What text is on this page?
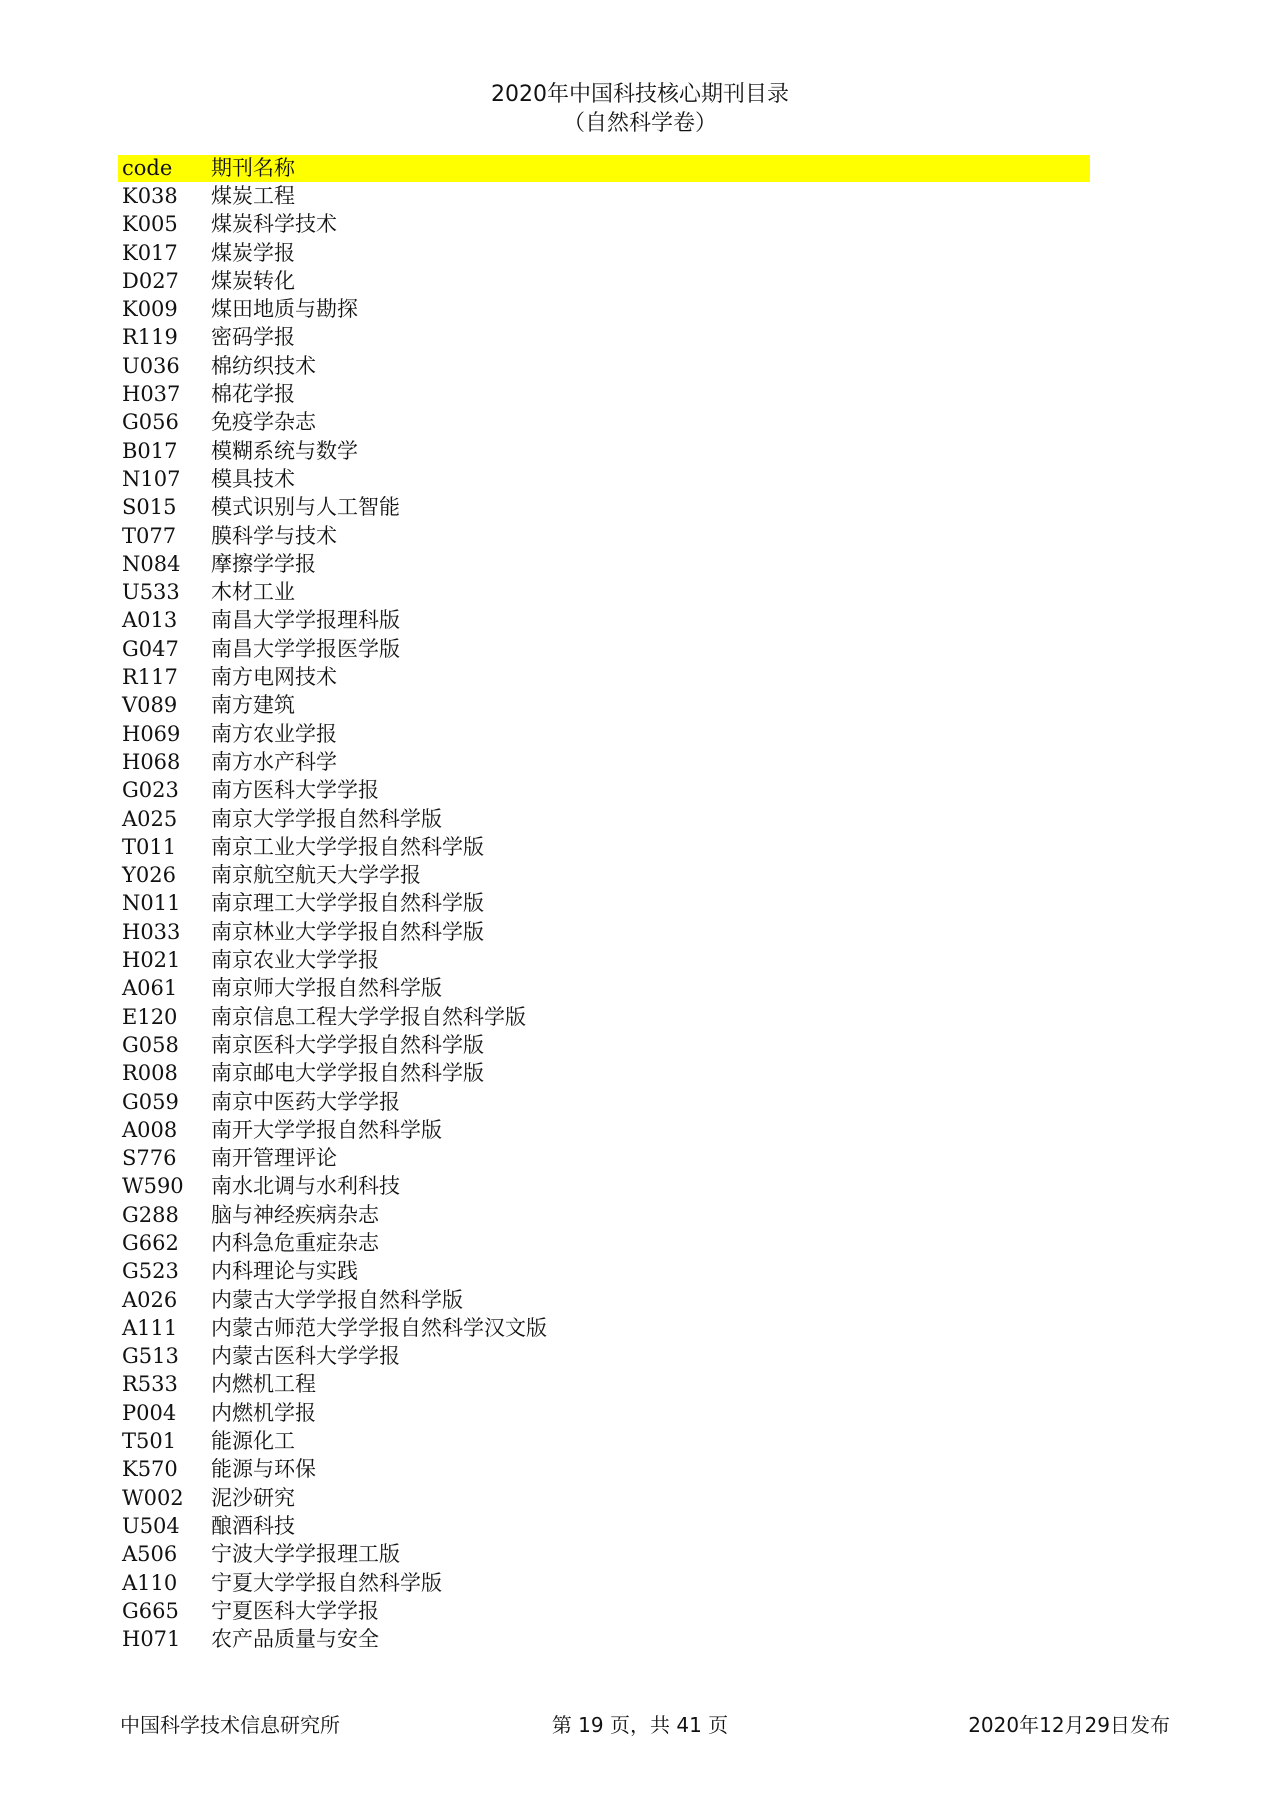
2020年中国科技核心期刊目录
（自然科学卷）
code 期刊名称
K038 煤炭工程
K005 煤炭科学技术
K017 煤炭学报
D027 煤炭转化
K009 煤田地质与勘探
R119 密码学报
U036 棉纺织技术
H037 棉花学报
G056 免疫学杂志
B017 模糊系统与数学
N107 模具技术
S015 模式识别与人工智能
T077 膜科学与技术
N084 摩擦学学报
U533 木材工业
A013 南昌大学学报理科版
G047 南昌大学学报医学版
R117 南方电网技术
V089 南方建筑
H069 南方农业学报
H068 南方水产科学
G023 南方医科大学学报
A025 南京大学学报自然科学版
T011 南京工业大学学报自然科学版
Y026 南京航空航天大学学报
N011 南京理工大学学报自然科学版
H033 南京林业大学学报自然科学版
H021 南京农业大学学报
A061 南京师大学报自然科学版
E120 南京信息工程大学学报自然科学版
G058 南京医科大学学报自然科学版
R008 南京邮电大学学报自然科学版
G059 南京中医药大学学报
A008 南开大学学报自然科学版
S776 南开管理评论
W590 南水北调与水利科技
G288 脑与神经疾病杂志
G662 内科急危重症杂志
G523 内科理论与实践
A026 内蒙古大学学报自然科学版
A111 内蒙古师范大学学报自然科学汉文版
G513 内蒙古医科大学学报
R533 内燃机工程
P004 内燃机学报
T501 能源化工
K570 能源与环保
W002 泥沙研究
U504 酿酒科技
A506 宁波大学学报理工版
A110 宁夏大学学报自然科学版
G665 宁夏医科大学学报
H071 农产品质量与安全
中国科学技术信息研究所	第 19 页，共 41 页	2020年12月29日发布
